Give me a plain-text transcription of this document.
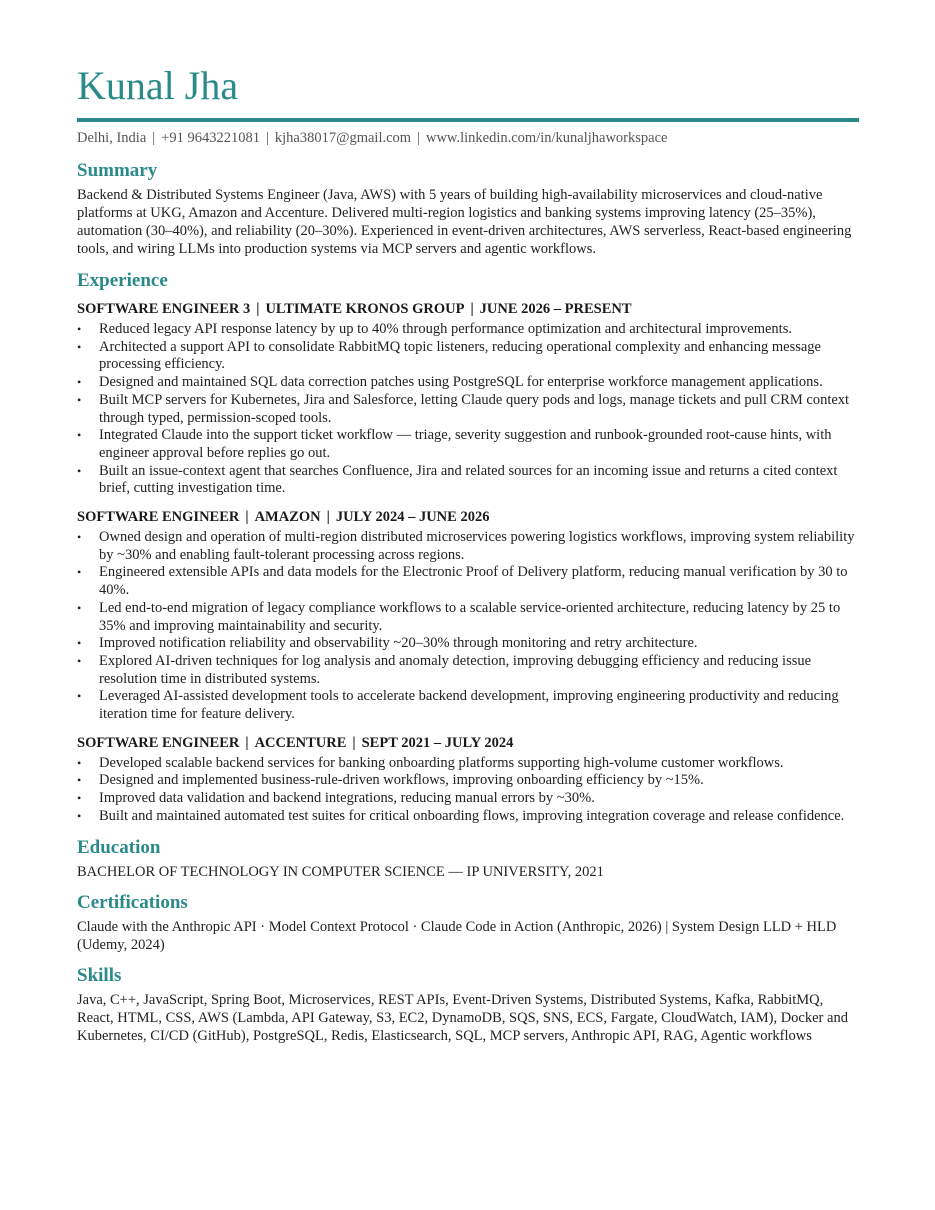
Kunal Jha
Delhi, India | +91 9643221081 | kjha38017@gmail.com | www.linkedin.com/in/kunaljhaworkspace
Summary
Backend & Distributed Systems Engineer (Java, AWS) with 5 years of building high-availability microservices and cloud-native platforms at UKG, Amazon and Accenture. Delivered multi-region logistics and banking systems improving latency (25–35%), automation (30–40%), and reliability (20–30%). Experienced in event-driven architectures, AWS serverless, React-based engineering tools, and wiring LLMs into production systems via MCP servers and agentic workflows.
Experience
SOFTWARE ENGINEER 3 | ULTIMATE KRONOS GROUP | JUNE 2026 – PRESENT
• Reduced legacy API response latency by up to 40% through performance optimization and architectural improvements.
• Architected a support API to consolidate RabbitMQ topic listeners, reducing operational complexity and enhancing message processing efficiency.
• Designed and maintained SQL data correction patches using PostgreSQL for enterprise workforce management applications.
• Built MCP servers for Kubernetes, Jira and Salesforce, letting Claude query pods and logs, manage tickets and pull CRM context through typed, permission-scoped tools.
• Integrated Claude into the support ticket workflow — triage, severity suggestion and runbook-grounded root-cause hints, with engineer approval before replies go out.
• Built an issue-context agent that searches Confluence, Jira and related sources for an incoming issue and returns a cited context brief, cutting investigation time.
SOFTWARE ENGINEER | AMAZON | JULY 2024 – JUNE 2026
• Owned design and operation of multi-region distributed microservices powering logistics workflows, improving system reliability by ~30% and enabling fault-tolerant processing across regions.
• Engineered extensible APIs and data models for the Electronic Proof of Delivery platform, reducing manual verification by 30 to 40%.
• Led end-to-end migration of legacy compliance workflows to a scalable service-oriented architecture, reducing latency by 25 to 35% and improving maintainability and security.
• Improved notification reliability and observability ~20–30% through monitoring and retry architecture.
• Explored AI-driven techniques for log analysis and anomaly detection, improving debugging efficiency and reducing issue resolution time in distributed systems.
• Leveraged AI-assisted development tools to accelerate backend development, improving engineering productivity and reducing iteration time for feature delivery.
SOFTWARE ENGINEER | ACCENTURE | SEPT 2021 – JULY 2024
• Developed scalable backend services for banking onboarding platforms supporting high-volume customer workflows.
• Designed and implemented business-rule-driven workflows, improving onboarding efficiency by ~15%.
• Improved data validation and backend integrations, reducing manual errors by ~30%.
• Built and maintained automated test suites for critical onboarding flows, improving integration coverage and release confidence.
Education
BACHELOR OF TECHNOLOGY IN COMPUTER SCIENCE — IP UNIVERSITY, 2021
Certifications
Claude with the Anthropic API · Model Context Protocol · Claude Code in Action (Anthropic, 2026) | System Design LLD + HLD (Udemy, 2024)
Skills
Java, C++, JavaScript, Spring Boot, Microservices, REST APIs, Event-Driven Systems, Distributed Systems, Kafka, RabbitMQ, React, HTML, CSS, AWS (Lambda, API Gateway, S3, EC2, DynamoDB, SQS, SNS, ECS, Fargate, CloudWatch, IAM), Docker and Kubernetes, CI/CD (GitHub), PostgreSQL, Redis, Elasticsearch, SQL, MCP servers, Anthropic API, RAG, Agentic workflows
